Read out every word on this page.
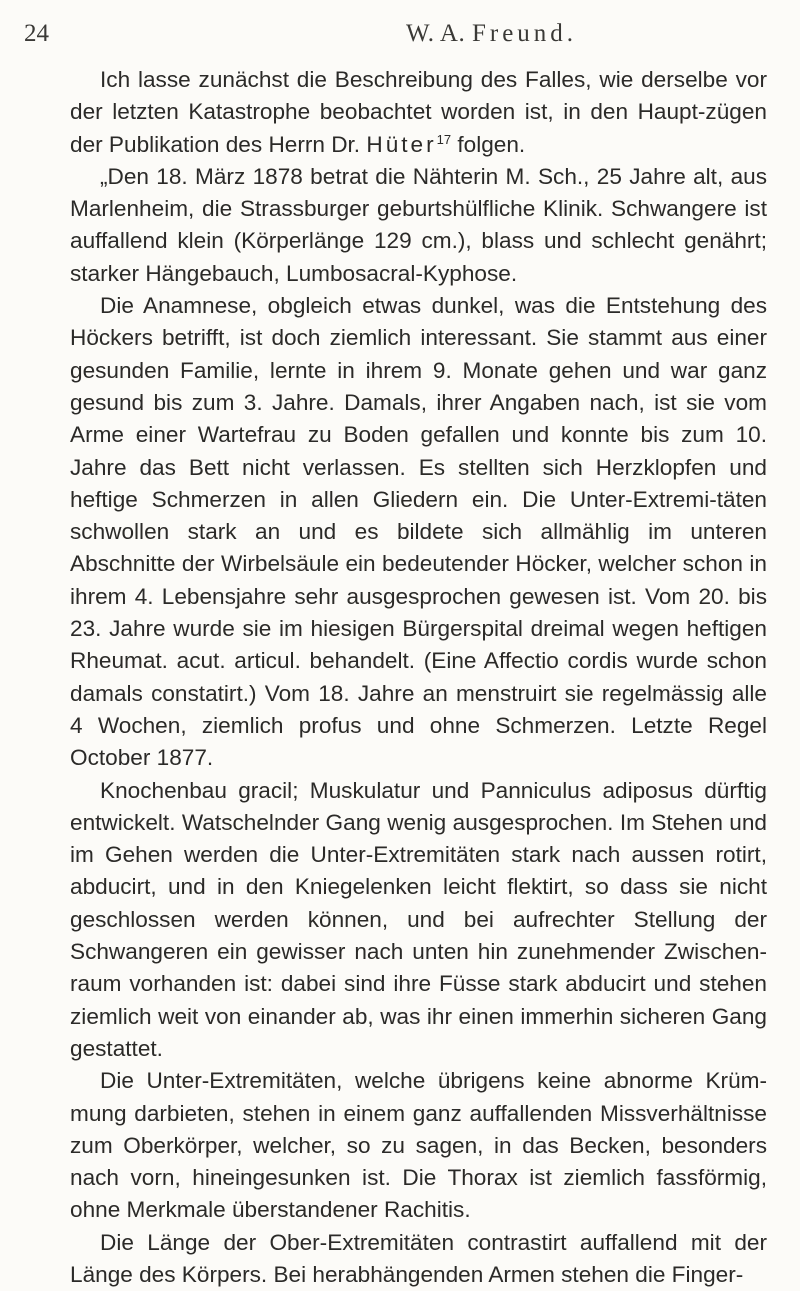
24	W. A. Freund.

Ich lasse zunächst die Beschreibung des Falles, wie derselbe vor der letzten Katastrophe beobachtet worden ist, in den Haupt-zügen der Publikation des Herrn Dr. Hüter$^{17}$ folgen.

„Den 18. März 1878 betrat die Nähterin M. Sch., 25 Jahre alt, aus Marlenheim, die Strassburger geburtshülfliche Klinik. Schwangere ist auffallend klein (Körperlänge 129 cm.), blass und schlecht genährt; starker Hängebauch, Lumbosacral-Kyphose.

Die Anamnese, obgleich etwas dunkel, was die Entstehung des Höckers betrifft, ist doch ziemlich interessant. Sie stammt aus einer gesunden Familie, lernte in ihrem 9. Monate gehen und war ganz gesund bis zum 3. Jahre. Damals, ihrer Angaben nach, ist sie vom Arme einer Wartefrau zu Boden gefallen und konnte bis zum 10. Jahre das Bett nicht verlassen. Es stellten sich Herzklopfen und heftige Schmerzen in allen Gliedern ein. Die Unter-Extremi-täten schwollen stark an und es bildete sich allmählig im unteren Abschnitte der Wirbelsäule ein bedeutender Höcker, welcher schon in ihrem 4. Lebensjahre sehr ausgesprochen gewesen ist. Vom 20. bis 23. Jahre wurde sie im hiesigen Bürgerspital dreimal wegen heftigen Rheumat. acut. articul. behandelt. (Eine Affectio cordis wurde schon damals constatirt.) Vom 18. Jahre an menstruirt sie regelmässig alle 4 Wochen, ziemlich profus und ohne Schmerzen. Letzte Regel October 1877.

Knochenbau gracil; Muskulatur und Panniculus adiposus dürftig entwickelt. Watschelnder Gang wenig ausgesprochen. Im Stehen und im Gehen werden die Unter-Extremitäten stark nach aussen rotirt, abducirt, und in den Kniegelenken leicht flektirt, so dass sie nicht geschlossen werden können, und bei aufrechter Stellung der Schwangeren ein gewisser nach unten hin zunehmender Zwischen-raum vorhanden ist: dabei sind ihre Füsse stark abducirt und stehen ziemlich weit von einander ab, was ihr einen immerhin sicheren Gang gestattet.

Die Unter-Extremitäten, welche übrigens keine abnorme Krüm-mung darbieten, stehen in einem ganz auffallenden Missverhältnisse zum Oberkörper, welcher, so zu sagen, in das Becken, besonders nach vorn, hineingesunken ist. Die Thorax ist ziemlich fassförmig, ohne Merkmale überstandener Rachitis.

Die Länge der Ober-Extremitäten contrastirt auffallend mit der Länge des Körpers. Bei herabhängenden Armen stehen die Finger-
